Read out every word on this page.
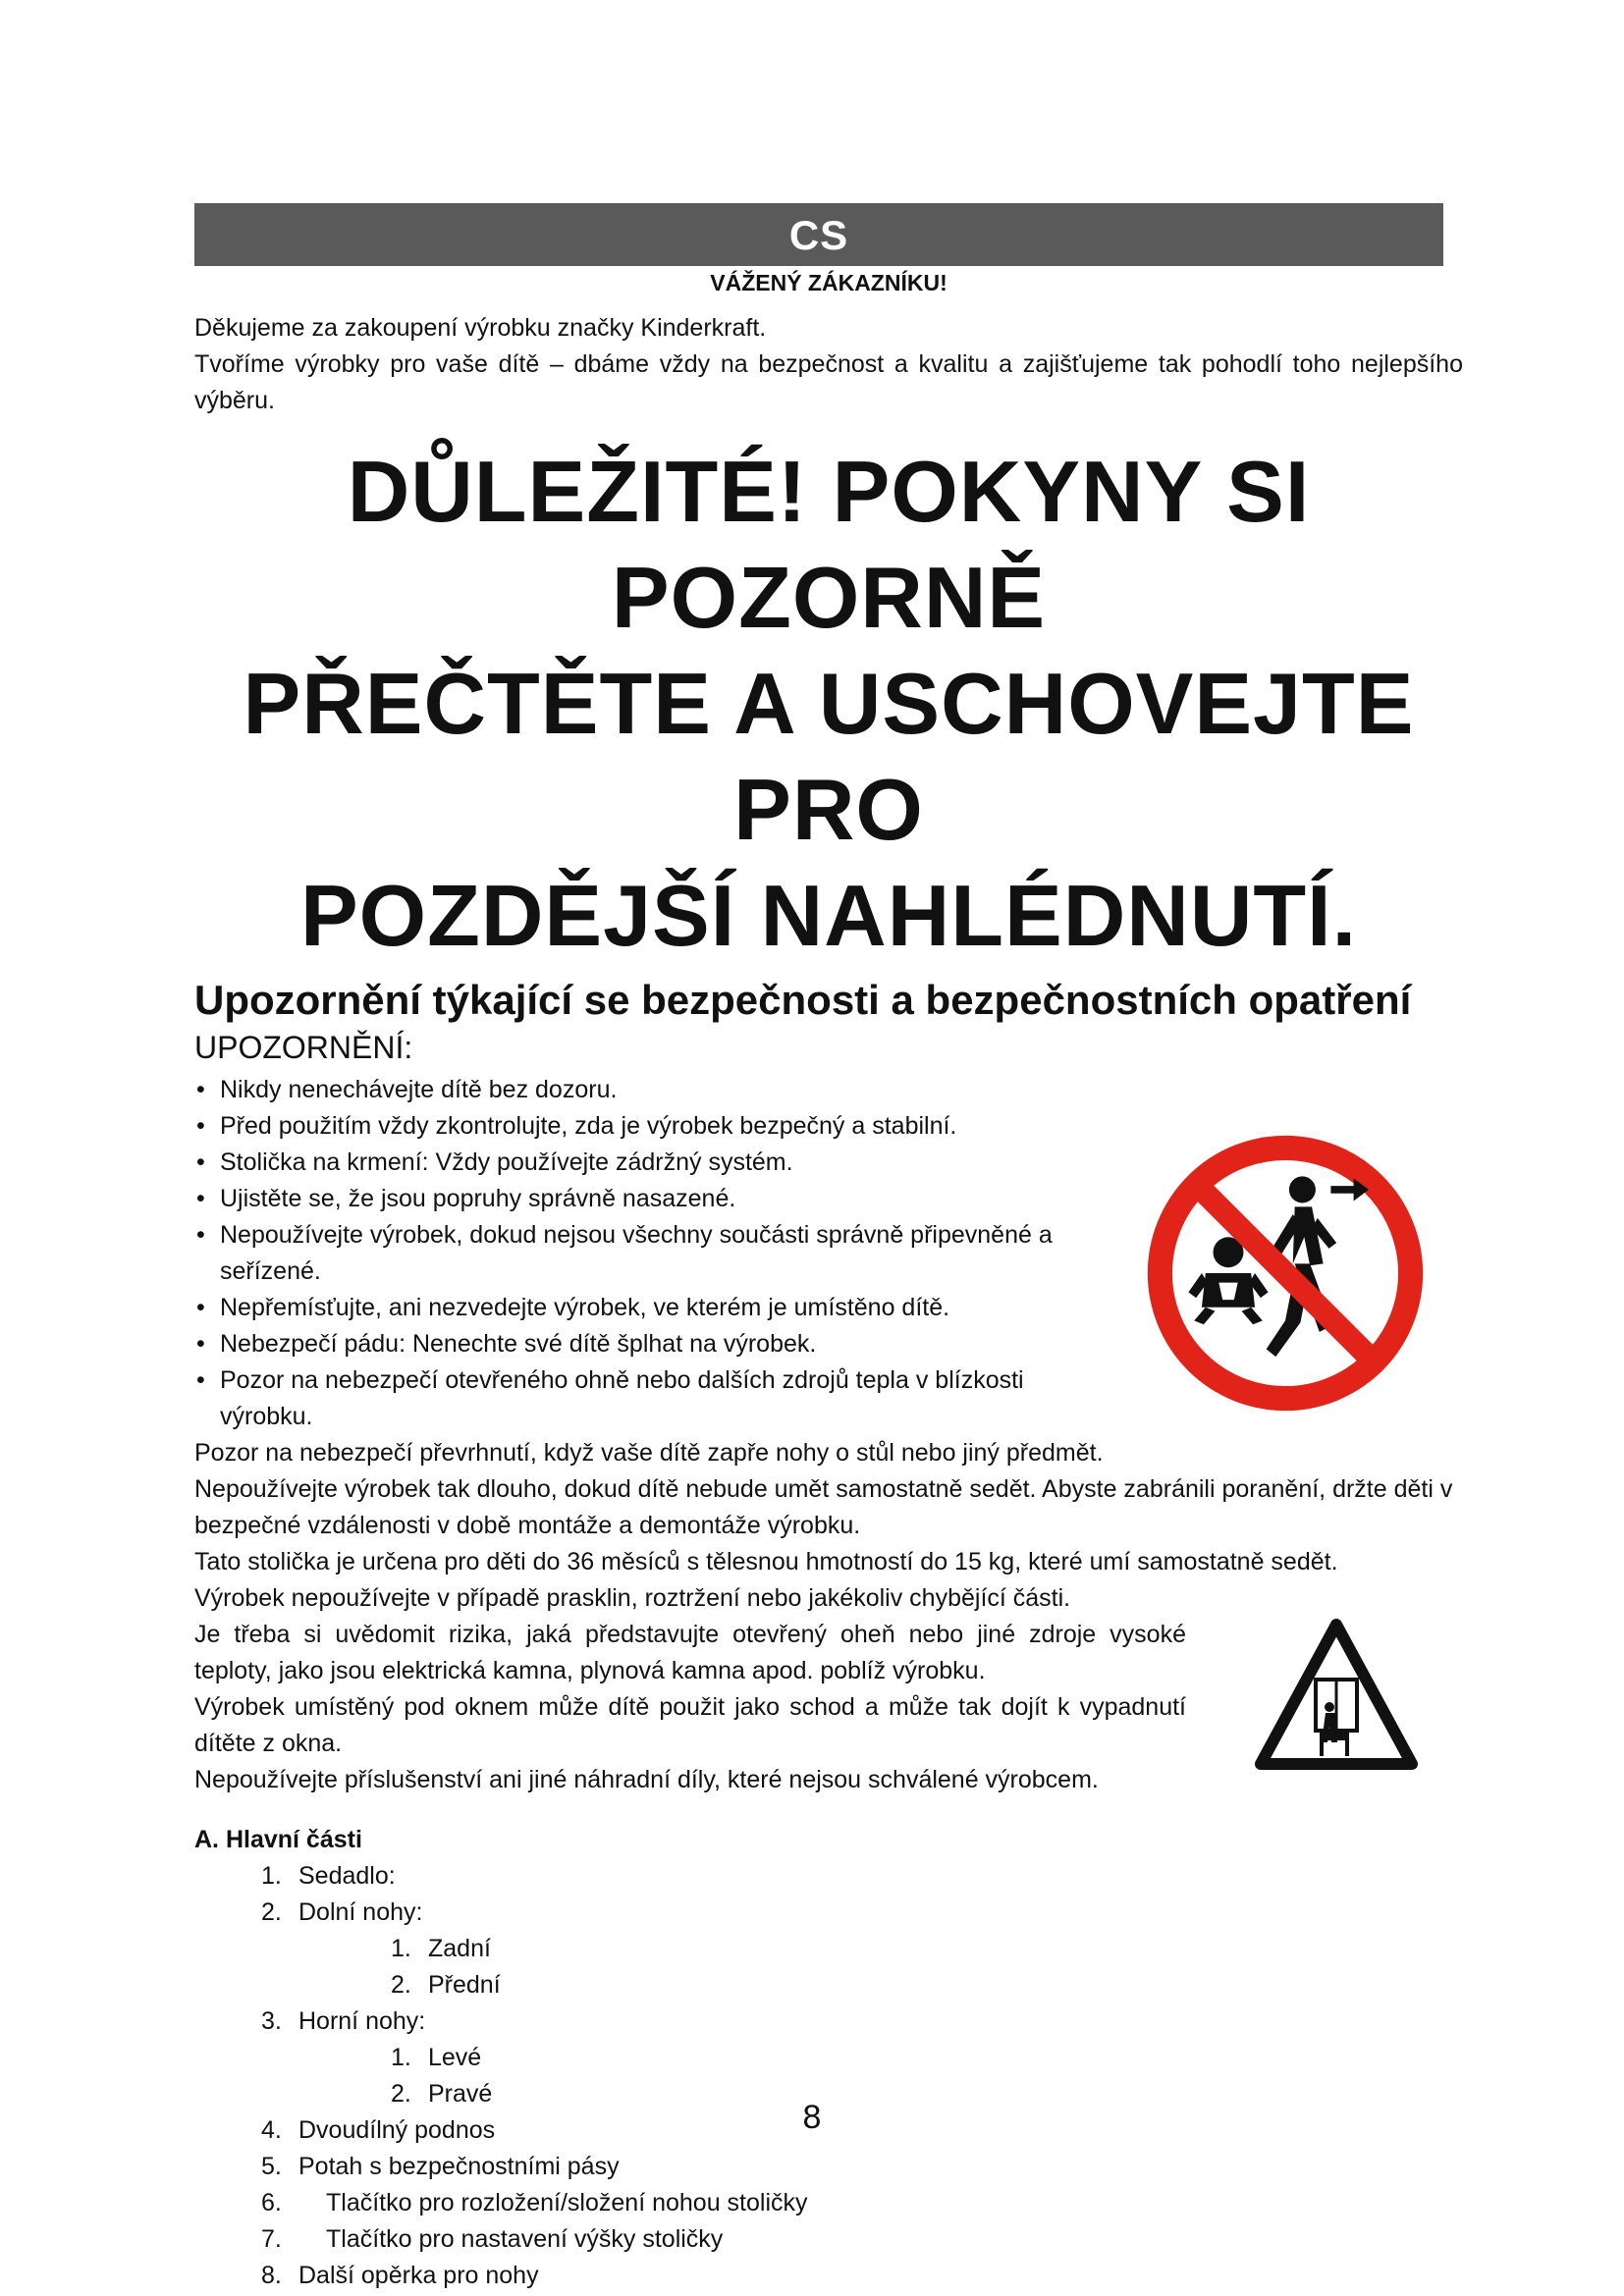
CS
VÁŽENÝ ZÁKAZNÍKU!

Děkujeme za zakoupení výrobku značky Kinderkraft.

Tvoříme výrobky pro vaše dítě – dbáme vždy na bezpečnost a kvalitu a zajišťujeme tak pohodlí toho nejlepšího výběru.

DŮLEŽITÉ! POKYNY SI POZORNĚ
PŘEČTĚTE A USCHOVEJTE PRO
POZDĚJŠÍ NAHLÉDNUTÍ.
Upozornění týkající se bezpečnosti a bezpečnostních opatření
UPOZORNĚNÍ:
• Nikdy nenechávejte dítě bez dozoru.
• Před použitím vždy zkontrolujte, zda je výrobek bezpečný a stabilní.
• Stolička na krmení: Vždy používejte zádržný systém.
• Ujistěte se, že jsou popruhy správně nasazené.
• Nepoužívejte výrobek, dokud nejsou všechny součásti správně připevněné a seřízené.
• Nepřemísťujte, ani nezvedejte výrobek, ve kterém je umístěno dítě.
• Nebezpečí pádu: Nenechte své dítě šplhat na výrobek.
• Pozor na nebezpečí otevřeného ohně nebo dalších zdrojů tepla v blízkosti výrobku.

Pozor na nebezpečí převrhnutí, když vaše dítě zapře nohy o stůl nebo jiný předmět.

Nepoužívejte výrobek tak dlouho, dokud dítě nebude umět samostatně sedět. Abyste zabránili poranění, držte děti v bezpečné vzdálenosti v době montáže a demontáže výrobku.

Tato stolička je určena pro děti do 36 měsíců s tělesnou hmotností do 15 kg, které umí samostatně sedět.

Výrobek nepoužívejte v případě prasklin, roztržení nebo jakékoliv chybějící části.

Je třeba si uvědomit rizika, jaká představujte otevřený oheň nebo jiné zdroje vysoké teploty, jako jsou elektrická kamna, plynová kamna apod. poblíž výrobku.

Výrobek umístěný pod oknem může dítě použit jako schod a může tak dojít k vypadnutí dítěte z okna.

Nepoužívejte příslušenství ani jiné náhradní díly, které nejsou schválené výrobcem.

A. Hlavní části
1. Sedadlo:
2. Dolní nohy:
1. Zadní
2. Přední
3. Horní nohy:
1. Levé
2. Pravé
4. Dvoudílný podnos
5. Potah s bezpečnostními pásy
6. Tlačítko pro rozložení/složení nohou stoličky
7. Tlačítko pro nastavení výšky stoličky
8. Další opěrka pro nohy
8
